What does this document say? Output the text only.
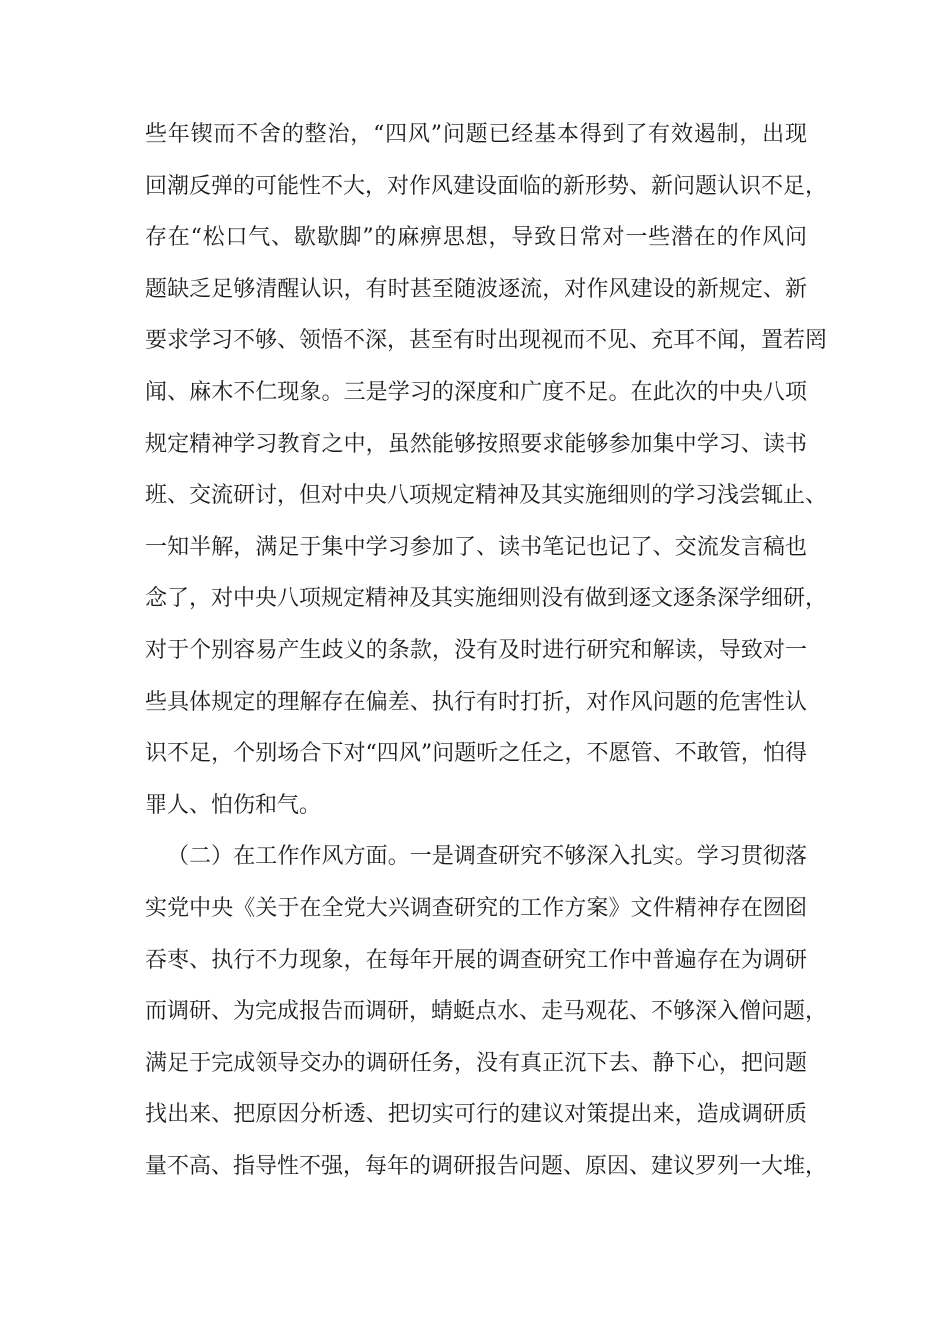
些年锲而不舍的整治，“四风”问题已经基本得到了有效遏制，出现
回潮反弹的可能性不大，对作风建设面临的新形势、新问题认识不足，
存在“松口气、歇歇脚”的麻痹思想，导致日常对一些潜在的作风问
题缺乏足够清醒认识，有时甚至随波逐流，对作风建设的新规定、新
要求学习不够、领悟不深，甚至有时出现视而不见、充耳不闻，置若罔
闻、麻木不仁现象。三是学习的深度和广度不足。在此次的中央八项
规定精神学习教育之中，虽然能够按照要求能够参加集中学习、读书
班、交流研讨，但对中央八项规定精神及其实施细则的学习浅尝辄止、
一知半解，满足于集中学习参加了、读书笔记也记了、交流发言稿也
念了，对中央八项规定精神及其实施细则没有做到逐文逐条深学细研，
对于个别容易产生歧义的条款，没有及时进行研究和解读，导致对一
些具体规定的理解存在偏差、执行有时打折，对作风问题的危害性认
识不足，个别场合下对“四风”问题听之任之，不愿管、不敢管，怕得
罪人、怕伤和气。
（二）在工作作风方面。一是调查研究不够深入扎实。学习贯彻落
实党中央《关于在全党大兴调查研究的工作方案》文件精神存在囫囵
吞枣、执行不力现象，在每年开展的调查研究工作中普遍存在为调研
而调研、为完成报告而调研，蜻蜓点水、走马观花、不够深入僧问题，
满足于完成领导交办的调研任务，没有真正沉下去、静下心，把问题
找出来、把原因分析透、把切实可行的建议对策提出来，造成调研质
量不高、指导性不强，每年的调研报告问题、原因、建议罗列一大堆，
